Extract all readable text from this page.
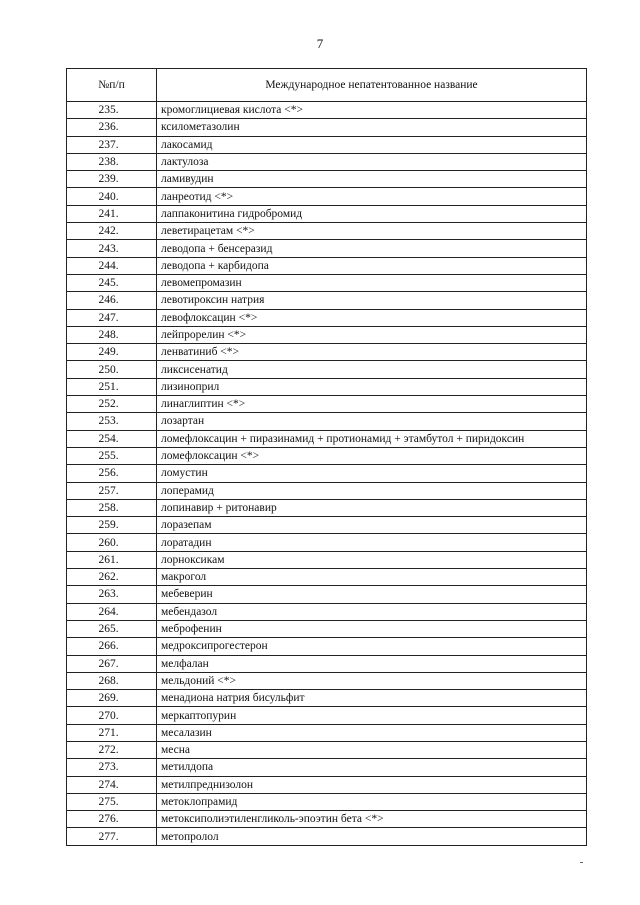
7
№п/п	Международное непатентованное название
235.	кромоглициевая кислота <*>
236.	ксилометазолин
237.	лакосамид
238.	лактулоза
239.	ламивудин
240.	ланреотид <*>
241.	лаппаконитина гидробромид
242.	леветирацетам <*>
243.	леводопа + бенсеразид
244.	леводопа + карбидопа
245.	левомепромазин
246.	левотироксин натрия
247.	левофлоксацин <*>
248.	лейпрорелин <*>
249.	ленватиниб <*>
250.	ликсисенатид
251.	лизиноприл
252.	линаглиптин <*>
253.	лозартан
254.	ломефлоксацин + пиразинамид + протионамид + этамбутол + пиридоксин
255.	ломефлоксацин <*>
256.	ломустин
257.	лоперамид
258.	лопинавир + ритонавир
259.	лоразепам
260.	лоратадин
261.	лорноксикам
262.	макрогол
263.	мебеверин
264.	мебендазол
265.	меброфенин
266.	медроксипрогестерон
267.	мелфалан
268.	мельдоний <*>
269.	менадиона натрия бисульфит
270.	меркаптопурин
271.	месалазин
272.	месна
273.	метилдопа
274.	метилпреднизолон
275.	метоклопрамид
276.	метоксиполиэтиленгликоль-эпоэтин бета <*>
277.	метопролол
